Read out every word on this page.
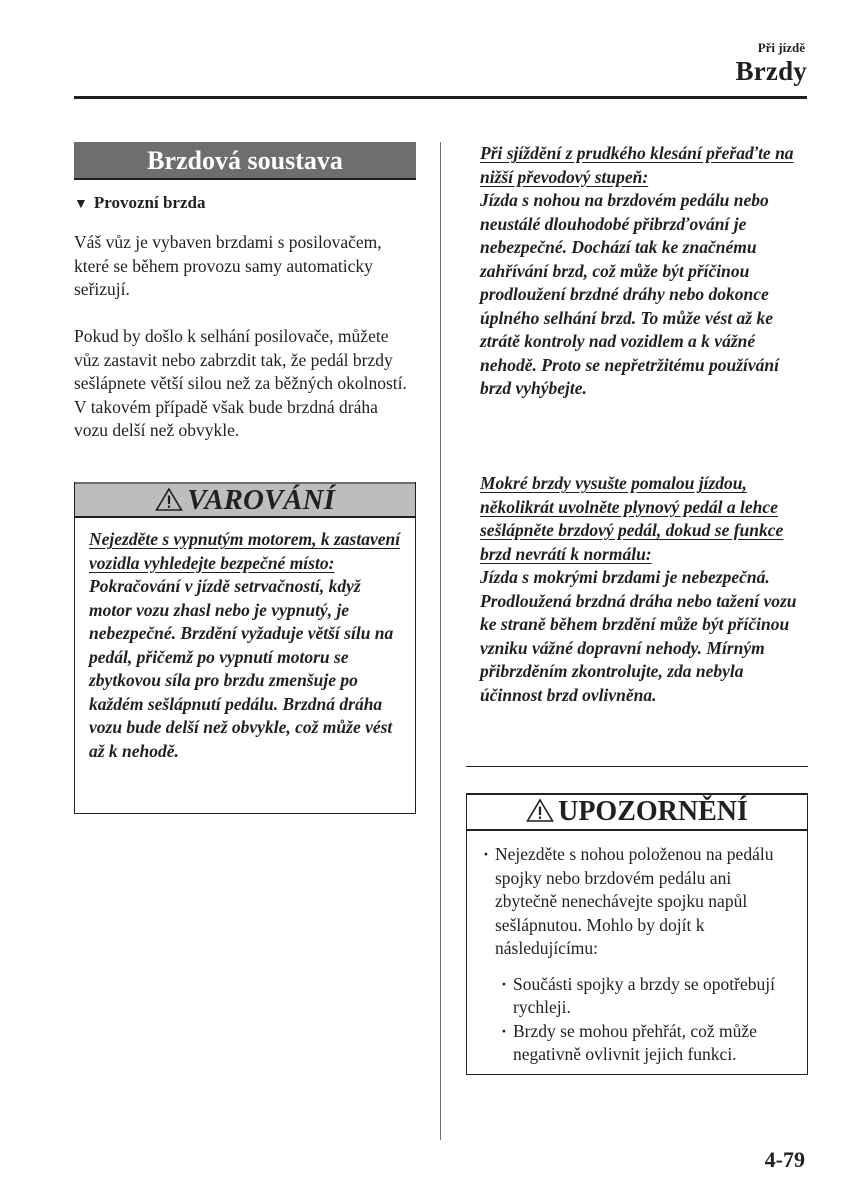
Při jízdě
Brzdy
Brzdová soustava
▼ Provozní brzda
Váš vůz je vybaven brzdami s posilovačem, které se během provozu samy automaticky seřizují.
Pokud by došlo k selhání posilovače, můžete vůz zastavit nebo zabrzdit tak, že pedál brzdy sešlápnete větší silou než za běžných okolností. V takovém případě však bude brzdná dráha vozu delší než obvykle.
VAROVÁNÍ
Nejezděte s vypnutým motorem, k zastavení vozidla vyhledejte bezpečné místo:
Pokračování v jízdě setrvačností, když motor vozu zhasl nebo je vypnutý, je nebezpečné. Brzdění vyžaduje větší sílu na pedál, přičemž po vypnutí motoru se zbytkovou síla pro brzdu zmenšuje po každém sešlápnutí pedálu. Brzdná dráha vozu bude delší než obvykle, což může vést až k nehodě.
Při sjíždění z prudkého klesání přeřaďte na nižší převodový stupeň:
Jízda s nohou na brzdovém pedálu nebo neustálé dlouhodobé přibrzďování je nebezpečné. Dochází tak ke značnému zahřívání brzd, což může být příčinou prodloužení brzdné dráhy nebo dokonce úplného selhání brzd. To může vést až ke ztrátě kontroly nad vozidlem a k vážné nehodě. Proto se nepřetržitému používání brzd vyhýbejte.
Mokré brzdy vysušte pomalou jízdou, několikrát uvolněte plynový pedál a lehce sešlápněte brzdový pedál, dokud se funkce brzd nevrátí k normálu:
Jízda s mokrými brzdami je nebezpečná. Prodloužená brzdná dráha nebo tažení vozu ke straně během brzdění může být příčinou vzniku vážné dopravní nehody. Mírným přibrzděním zkontrolujte, zda nebyla účinnost brzd ovlivněna.
UPOZORNĚNÍ
· Nejezděte s nohou položenou na pedálu spojky nebo brzdovém pedálu ani zbytečně nenechávejte spojku napůl sešlápnutou. Mohlo by dojít k následujícímu:
· Součásti spojky a brzdy se opotřebují rychleji.
· Brzdy se mohou přehřát, což může negativně ovlivnit jejich funkci.
4-79
